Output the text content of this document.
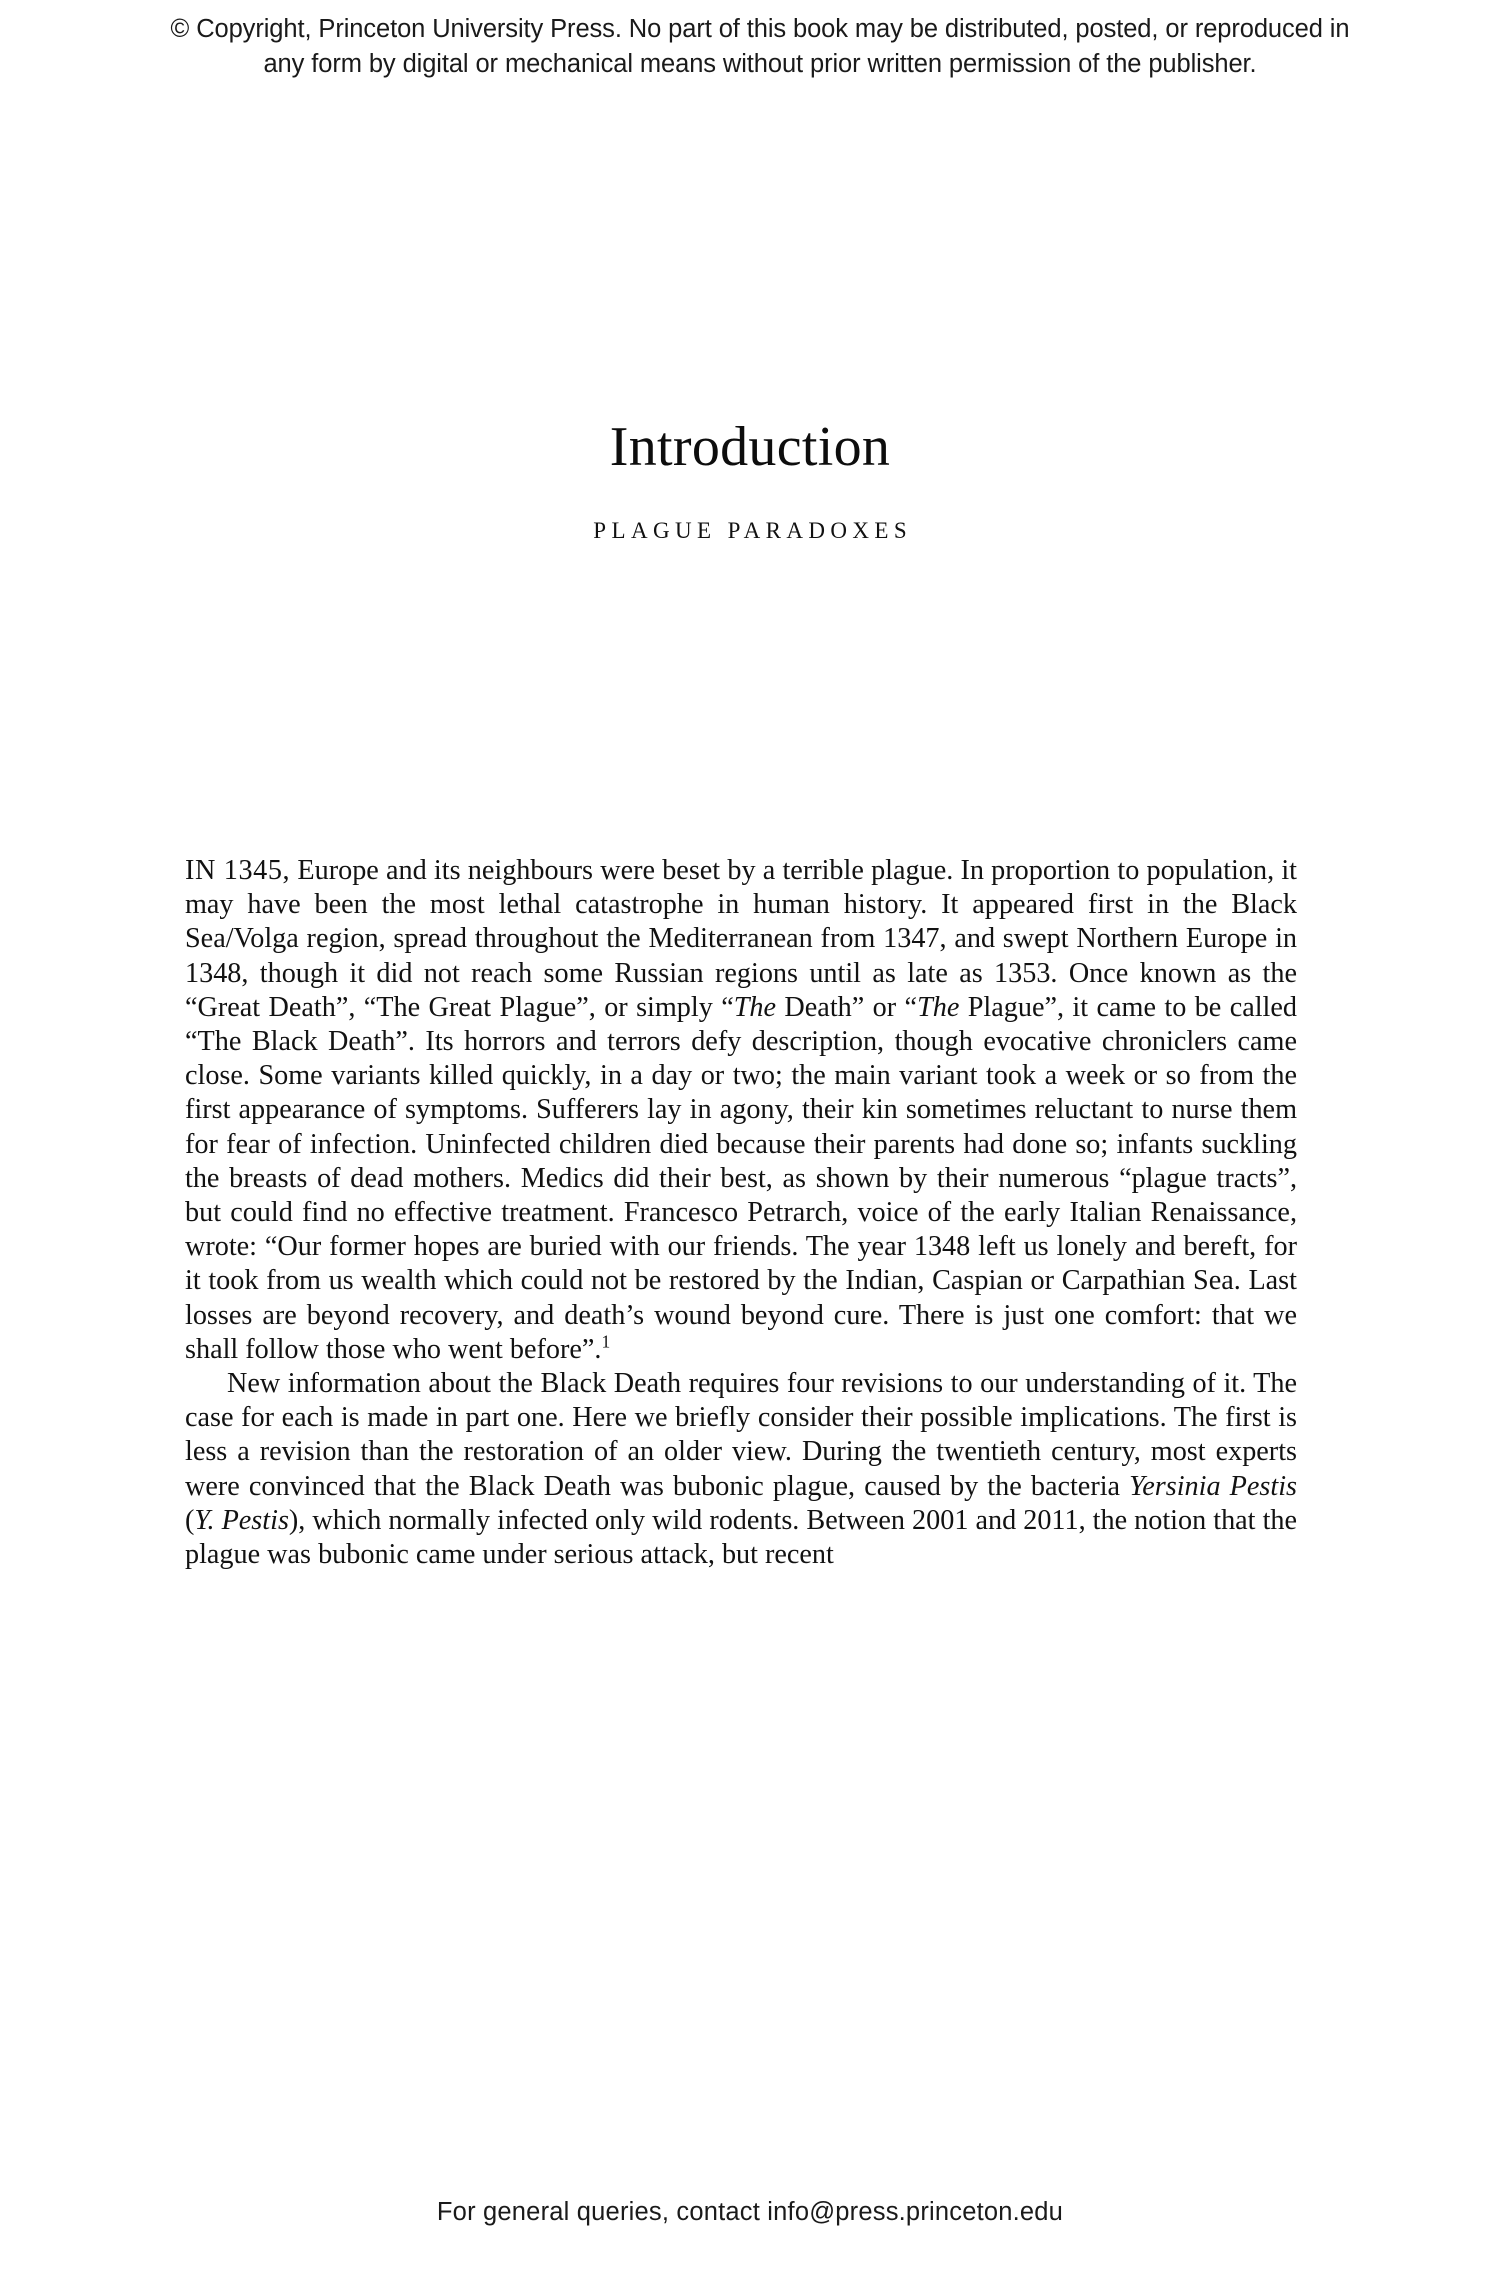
© Copyright, Princeton University Press. No part of this book may be distributed, posted, or reproduced in any form by digital or mechanical means without prior written permission of the publisher.
Introduction
PLAGUE PARADOXES

IN 1345, Europe and its neighbours were beset by a terrible plague. In proportion to population, it may have been the most lethal catastrophe in human history. It appeared first in the Black Sea/Volga region, spread throughout the Mediterranean from 1347, and swept Northern Europe in 1348, though it did not reach some Russian regions until as late as 1353. Once known as the “Great Death”, “The Great Plague”, or simply “The Death” or “The Plague”, it came to be called “The Black Death”. Its horrors and terrors defy description, though evocative chroniclers came close. Some variants killed quickly, in a day or two; the main variant took a week or so from the first appearance of symptoms. Sufferers lay in agony, their kin sometimes reluctant to nurse them for fear of infection. Uninfected children died because their parents had done so; infants suckling the breasts of dead mothers. Medics did their best, as shown by their numerous “plague tracts”, but could find no effective treatment. Francesco Petrarch, voice of the early Italian Renaissance, wrote: “Our former hopes are buried with our friends. The year 1348 left us lonely and bereft, for it took from us wealth which could not be restored by the Indian, Caspian or Carpathian Sea. Last losses are beyond recovery, and death’s wound beyond cure. There is just one comfort: that we shall follow those who went before”.$^1$

New information about the Black Death requires four revisions to our understanding of it. The case for each is made in part one. Here we briefly consider their possible implications. The first is less a revision than the restoration of an older view. During the twentieth century, most experts were convinced that the Black Death was bubonic plague, caused by the bacteria Yersinia Pestis (Y. Pestis), which normally infected only wild rodents. Between 2001 and 2011, the notion that the plague was bubonic came under serious attack, but recent

For general queries, contact info@press.princeton.edu
